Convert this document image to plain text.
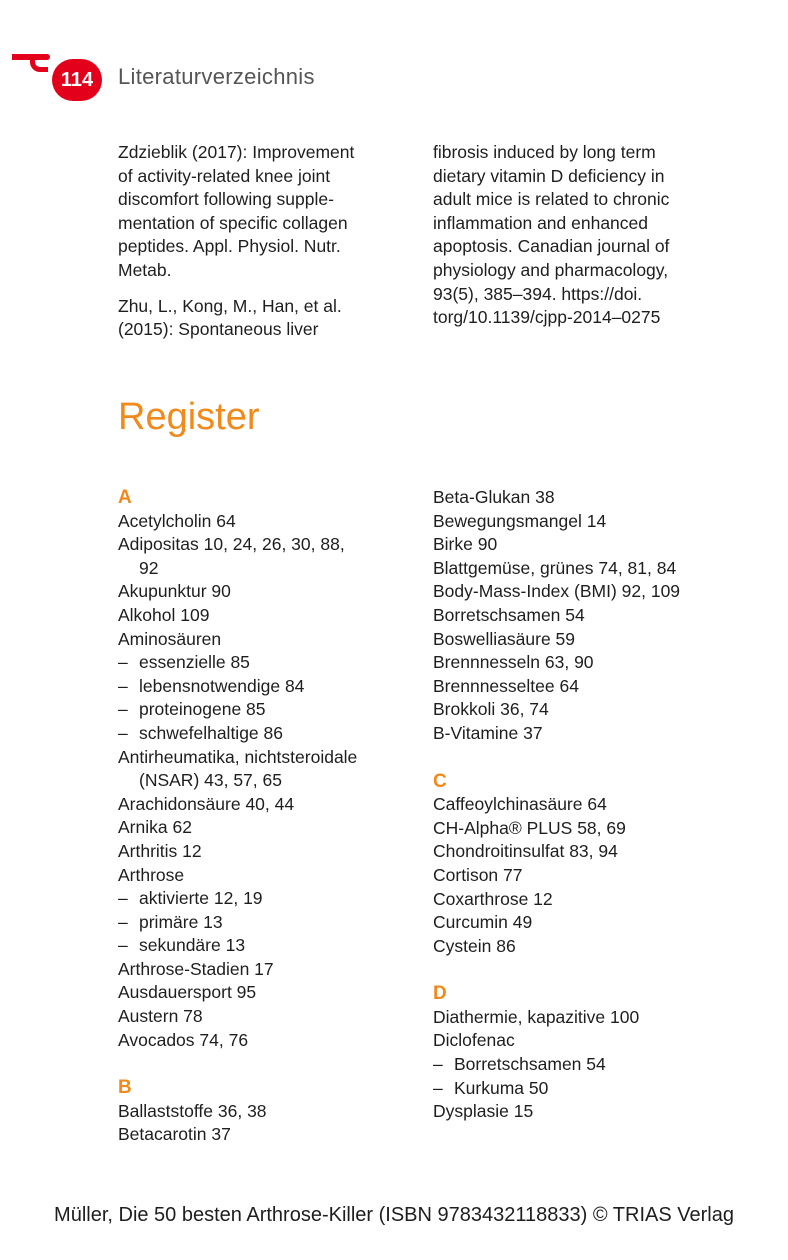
114	Literaturverzeichnis
Zdzieblik (2017): Improvement
of activity-related knee joint
discomfort following supple-
mentation of specific collagen
peptides. Appl. Physiol. Nutr.
Metab.
Zhu, L., Kong, M., Han, et al.
(2015): Spontaneous liver
fibrosis induced by long term
dietary vitamin D deficiency in
adult mice is related to chronic
inflammation and enhanced
apoptosis. Canadian journal of
physiology and pharmacology,
93(5), 385–394. https://doi.
torg/10.1139/cjpp-2014–0275
Register
A
Acetylcholin 64
Adipositas 10, 24, 26, 30, 88,
92
Akupunktur 90
Alkohol 109
Aminosäuren
– essenzielle 85
– lebensnotwendige 84
– proteinogene 85
– schwefelhaltige 86
Antirheumatika, nichtsteroidale
(NSAR) 43, 57, 65
Arachidonsäure 40, 44
Arnika 62
Arthritis 12
Arthrose
– aktivierte 12, 19
– primäre 13
– sekundäre 13
Arthrose-Stadien 17
Ausdauersport 95
Austern 78
Avocados 74, 76
B
Ballaststoffe 36, 38
Betacarotin 37
Beta-Glukan 38
Bewegungsmangel 14
Birke 90
Blattgemüse, grünes 74, 81, 84
Body-Mass-Index (BMI) 92, 109
Borretschsamen 54
Boswelliasäure 59
Brennnesseln 63, 90
Brennnesseltee 64
Brokkoli 36, 74
B-Vitamine 37
C
Caffeoylchinasäure 64
CH-Alpha® PLUS 58, 69
Chondroitinsulfat 83, 94
Cortison 77
Coxarthrose 12
Curcumin 49
Cystein 86
D
Diathermie, kapazitive 100
Diclofenac
– Borretschsamen 54
– Kurkuma 50
Dysplasie 15
Müller, Die 50 besten Arthrose-Killer (ISBN 9783432118833) © TRIAS Verlag
